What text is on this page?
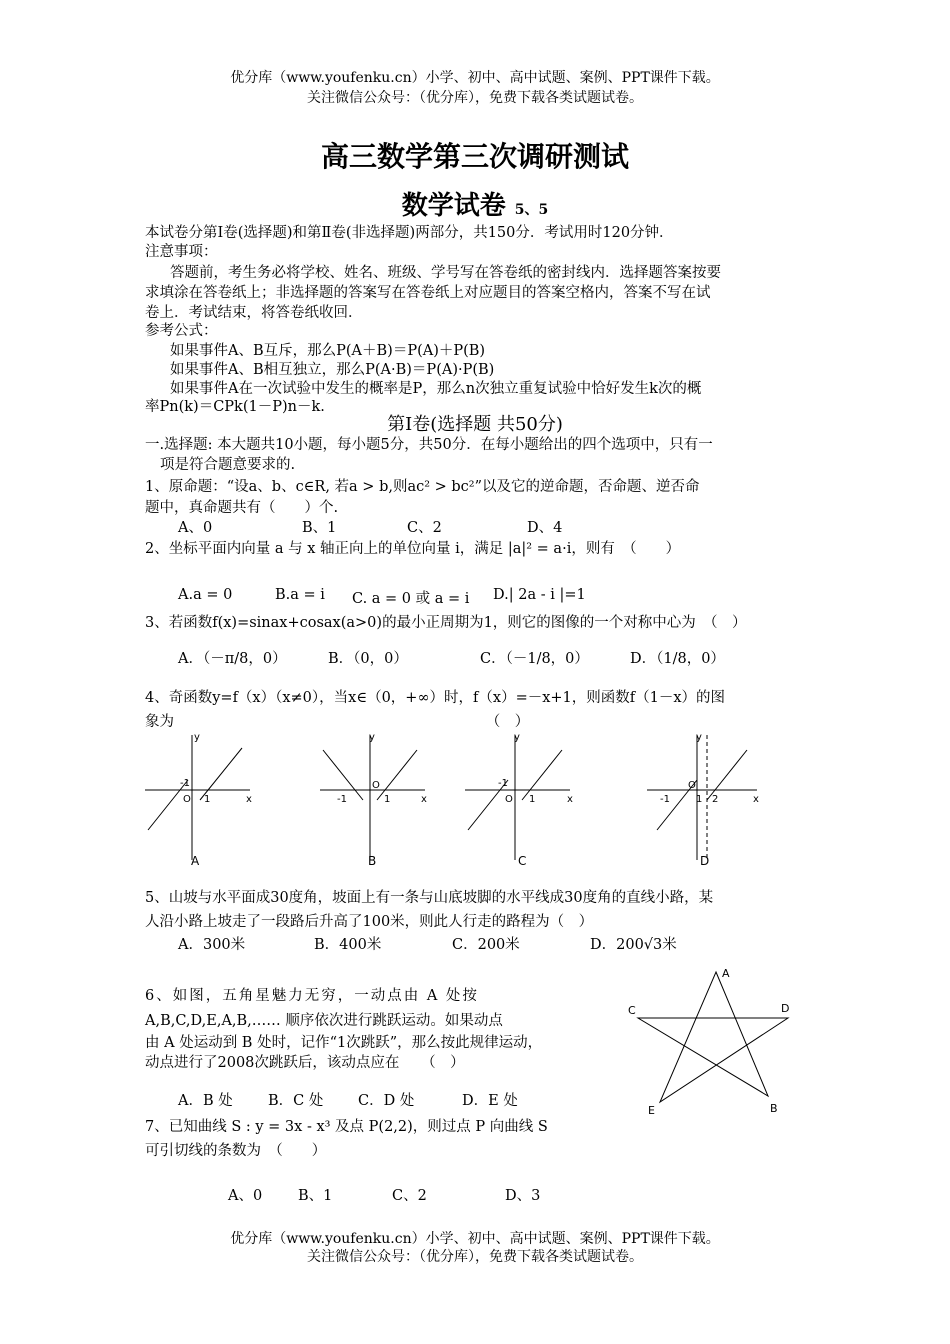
优分库（www.youfenku.cn）小学、初中、高中试题、案例、PPT课件下载。
关注微信公众号：（优分库），免费下载各类试题试卷。
高三数学第三次调研测试
数学试卷 5、5
本试卷分第Ⅰ卷(选择题)和第Ⅱ卷(非选择题)两部分，共150分．考试用时120分钟．
注意事项：
答题前，考生务必将学校、姓名、班级、学号写在答卷纸的密封线内．选择题答案按要
求填涂在答卷纸上；非选择题的答案写在答卷纸上对应题目的答案空格内，答案不写在试
卷上．考试结束，将答卷纸收回．
参考公式：
如果事件A、B互斥，那么P(A＋B)＝P(A)＋P(B)
如果事件A、B相互独立，那么P(A·B)＝P(A)·P(B)
如果事件A在一次试验中发生的概率是P，那么n次独立重复试验中恰好发生k次的概
率Pn(k)＝CPk(1－P)n－k.
第Ⅰ卷(选择题 共50分)
一.选择题: 本大题共10小题，每小题5分，共50分．在每小题给出的四个选项中，只有一
项是符合题意要求的.
1、原命题：“设a、b、c∈R, 若a > b,则ac² > bc²”以及它的逆命题，否命题、逆否命
题中，真命题共有（　　）个.
A、0	B、1	C、2	D、4
2、坐标平面内向量 a 与 x 轴正向上的单位向量 i，满足 |a|² = a·i，则有　（　　）
A.a = 0	B.a = i C. a = 0 或 a = i D.| 2a - i |=1
3、若函数f(x)=sinax+cosax(a>0)的最小正周期为1，则它的图像的一个对称中心为　（　）
A．（－π/8，0）	B．（0，0）	C．（－1/8，0）	D．（1/8，0）
4、奇函数y=f（x）（x≠0），当x∈（0，+∞）时，f（x）=－x+1，则函数f（1－x）的图
象为　　　　　　　　　　　　　　　　　　　　　　（　）
-1
O 1	x
y
-1
O
1	x
y
-1
O 1	x
y
-1
O
1 2	x
y
A	B	C	D
5、山坡与水平面成30度角，坡面上有一条与山底坡脚的水平线成30度角的直线小路，某
人沿小路上坡走了一段路后升高了100米，则此人行走的路程为（　）
A．300米	B．400米	C．200米	D．200√3米
6、如图，五角星魅力无穷，一动点由 A 处按
A,B,C,D,E,A,B,…… 顺序依次进行跳跃运动。如果动点
由 A 处运动到 B 处时，记作“1次跳跃”，那么按此规律运动，
动点进行了2008次跳跃后，该动点应在　　（　）
A．B 处 B．C 处 C．D 处	D．E 处
A
B
C	D
E
7、已知曲线 S : y = 3x - x³ 及点 P(2,2)，则过点 P 向曲线 S
可引切线的条数为　（　　）
A、0 B、1	C、2	D、3
优分库（www.youfenku.cn）小学、初中、高中试题、案例、PPT课件下载。
关注微信公众号：（优分库），免费下载各类试题试卷。
